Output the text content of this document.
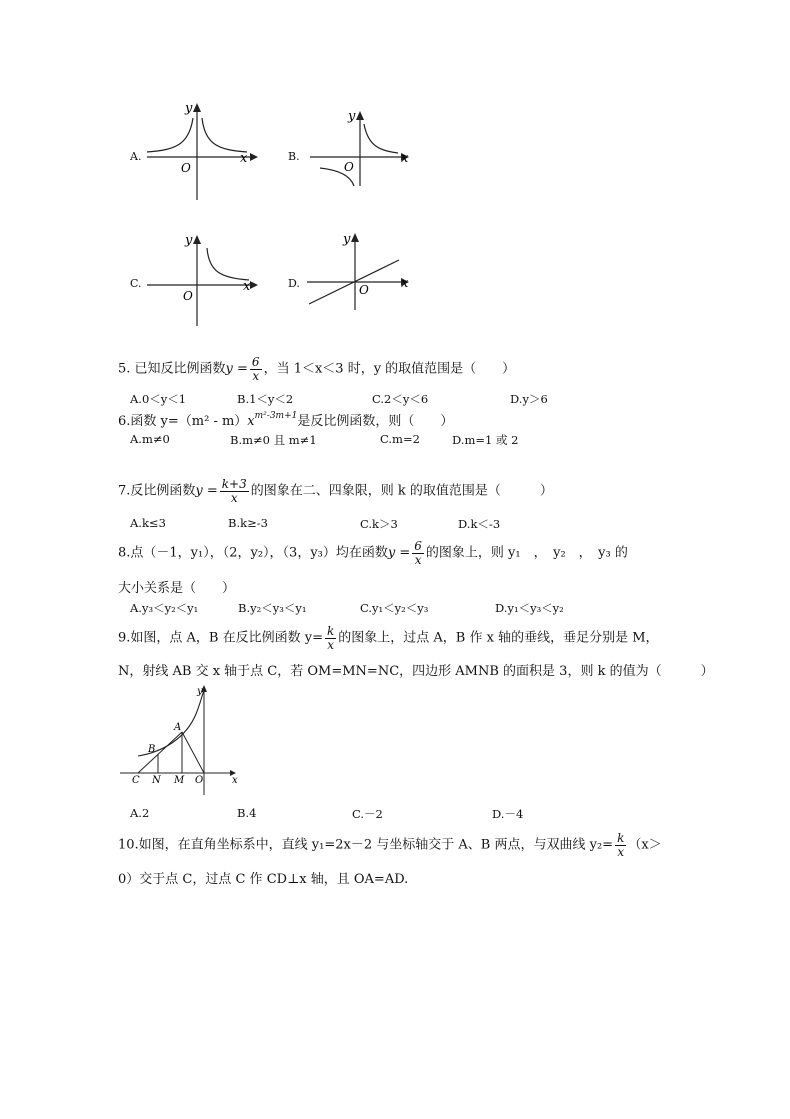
A.	x
y
O
B.	x
y
O
C.	x
y
O
D.	x
y
O
5. 已知反比例函数$y = \frac{6}{x}$ ，当 1＜x＜3 时，y 的取值范围是（　　）
A.0＜y＜1	B.1＜y＜2	C.2＜y＜6	D.y＞6
6.函数 $y=(m^2 - m)x^{m^2-3m+1}$是反比例函数，则（　　）
A.m≠0	B.m≠0 且 m≠1	C.m=2	D.m=1 或 2
7.反比例函数$y = \frac{k+3}{x}$ 的图象在二、四象限，则 k 的取值范围是（　　　）
A.k≤3	B.k≥-3	C.k＞3	D.k＜-3
8.点（－1，y₁），（2，y₂），（3，y₃）均在函数$y = \frac{6}{x}$ 的图象上，则 y₁　，　y₂　，　y₃ 的
大小关系是（　　）
A.y₃＜y₂＜y₁	B.y₂＜y₃＜y₁	C.y₁＜y₂＜y₃	D.y₁＜y₃＜y₂
9.如图，点 A，B 在反比例函数 $y= \frac{k}{x}$ 的图象上，过点 A，B 作 x 轴的垂线，垂足分别是 M，
N，射线 AB 交 x 轴于点 C，若 OM=MN=NC，四边形 AMNB 的面积是 3，则 k 的值为（　　　）
A
B
C N M O	x
y
A.2	B.4	C.－2	D.－4
10.如图，在直角坐标系中，直线 y₁=2x－2 与坐标轴交于 A、B 两点，与双曲线 $y_2= \frac{k}{x} (x>$
0）交于点 C，过点 C 作 CD⊥x 轴，且 OA=AD.
